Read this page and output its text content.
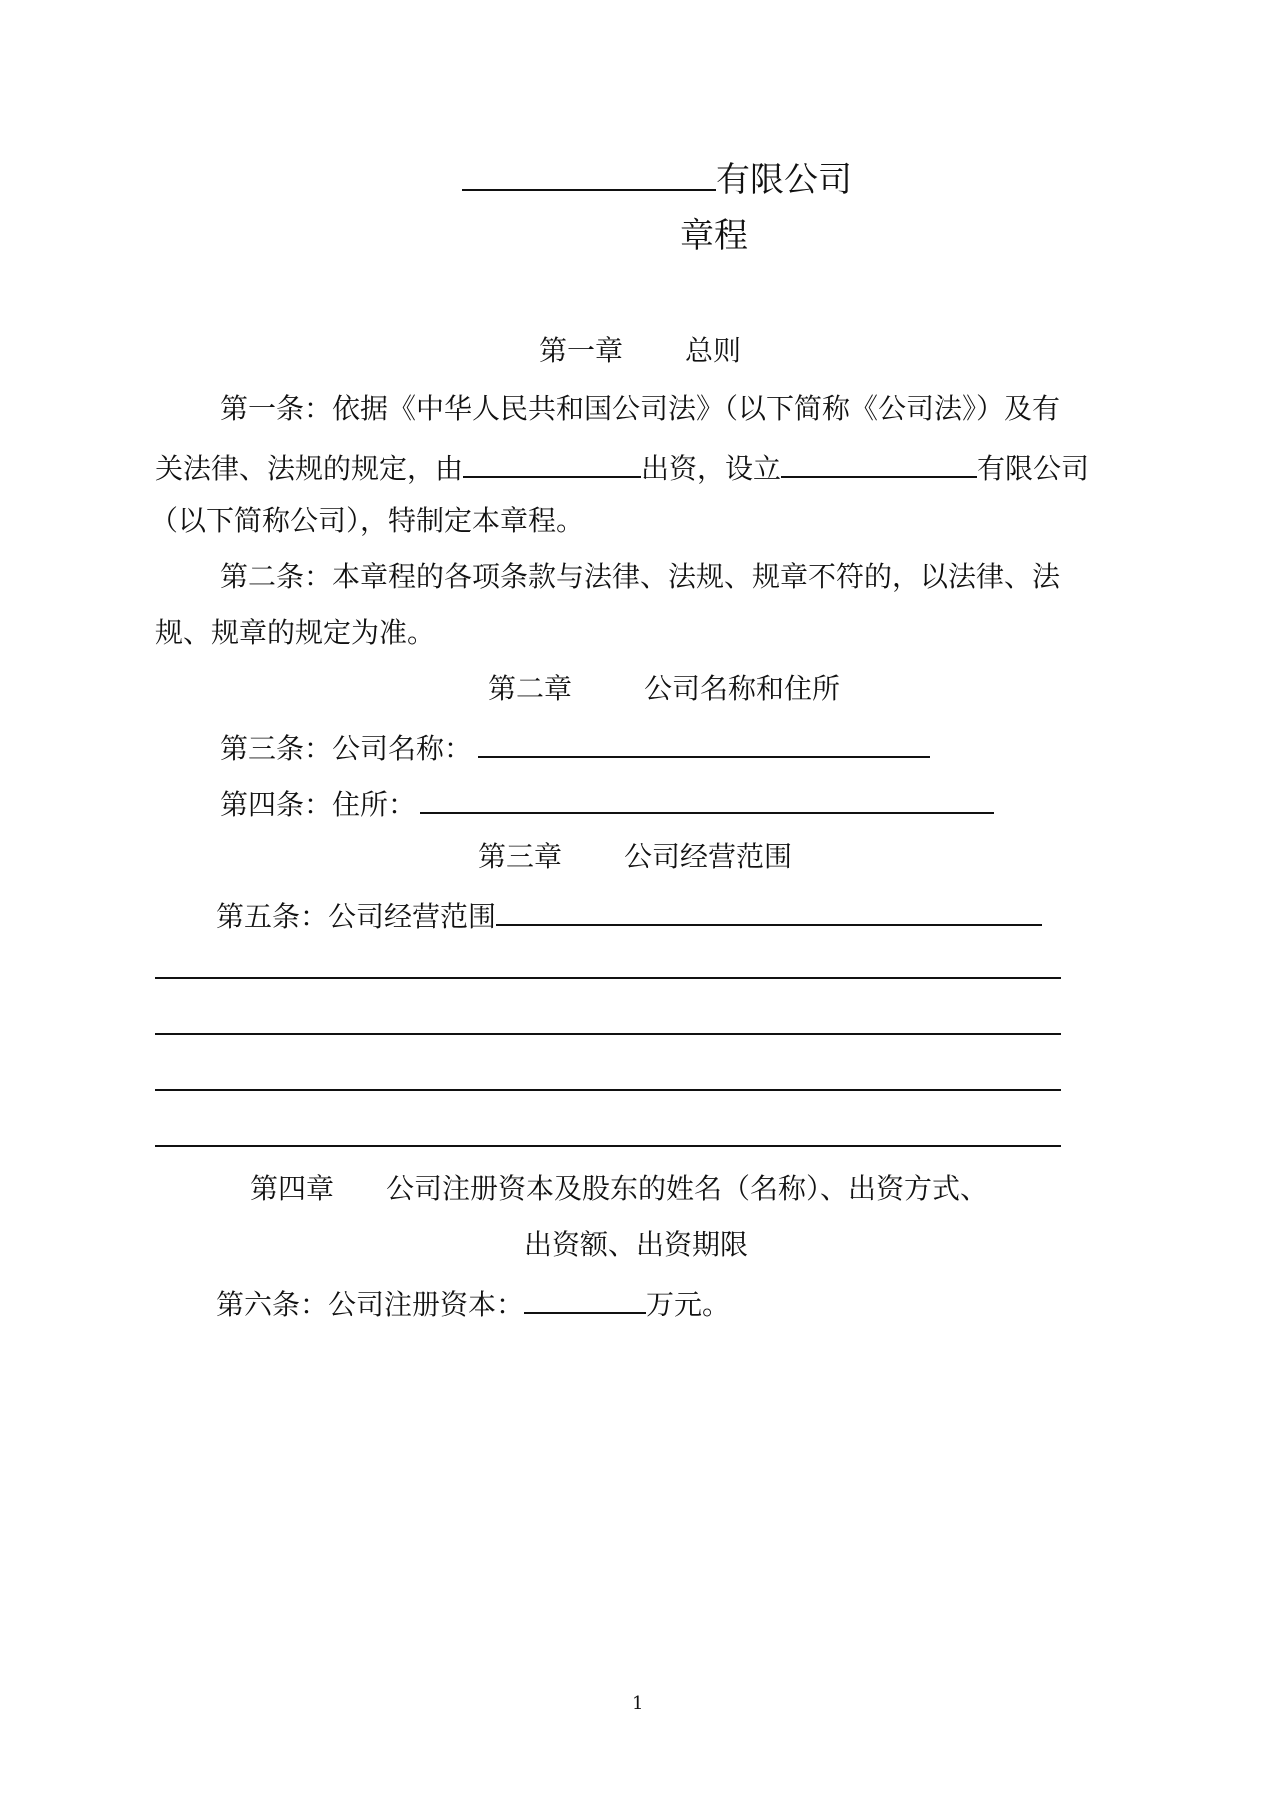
有限公司
章程
第一章 总则
第一条：依据《中华人民共和国公司法》（以下简称《公司法》）及有
关法律、法规的规定，由	出资，设立	有限公司
（以下简称公司），特制定本章程。
第二条：本章程的各项条款与法律、法规、规章不符的，以法律、法
规、规章的规定为准。
第二章	公司名称和住所
第三条：公司名称：
第四条：住所：
第三章 公司经营范围
第五条：公司经营范围
第四章 公司注册资本及股东的姓名（名称）、出资方式、
出资额、出资期限
第六条：公司注册资本：	万元。
1
